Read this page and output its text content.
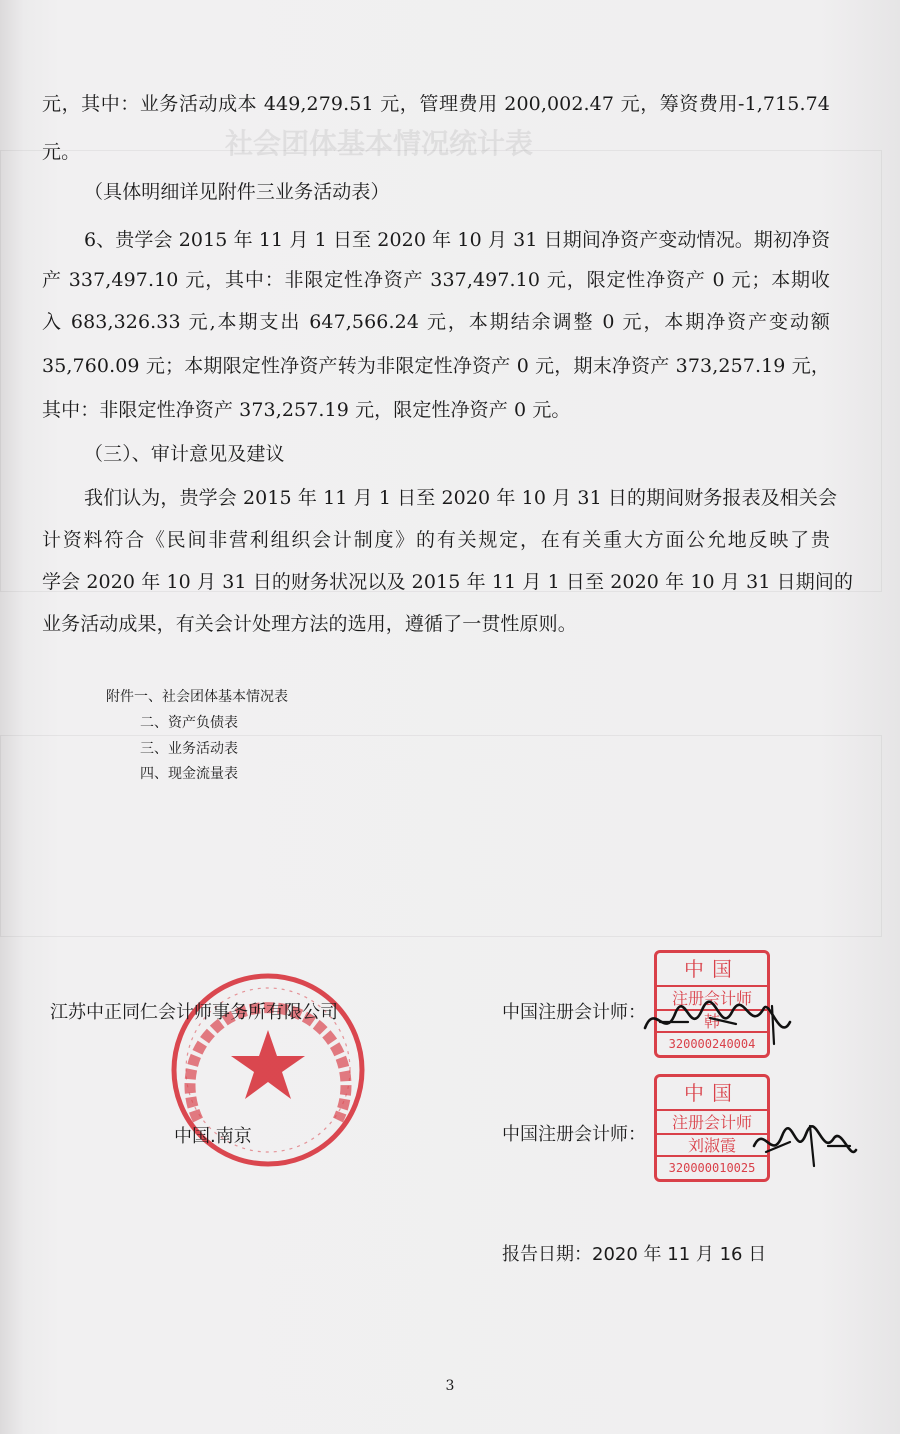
社会团体基本情况统计表
元，其中：业务活动成本 449,279.51 元，管理费用 200,002.47 元，筹资费用-1,715.74
元。
（具体明细详见附件三业务活动表）
6、贵学会 2015 年 11 月 1 日至 2020 年 10 月 31 日期间净资产变动情况。期初净资
产 337,497.10 元，其中：非限定性净资产 337,497.10 元，限定性净资产 0 元；本期收
入 683,326.33 元,本期支出 647,566.24 元，本期结余调整 0 元，本期净资产变动额
35,760.09 元；本期限定性净资产转为非限定性净资产 0 元，期末净资产 373,257.19 元，
其中：非限定性净资产 373,257.19 元，限定性净资产 0 元。
（三）、审计意见及建议
我们认为，贵学会 2015 年 11 月 1 日至 2020 年 10 月 31 日的期间财务报表及相关会
计资料符合《民间非营利组织会计制度》的有关规定，在有关重大方面公允地反映了贵
学会 2020 年 10 月 31 日的财务状况以及 2015 年 11 月 1 日至 2020 年 10 月 31 日期间的
业务活动成果，有关会计处理方法的选用，遵循了一贯性原则。
附件一、社会团体基本情况表
二、资产负债表
三、业务活动表
四、现金流量表
江苏中正同仁会计师事务所有限公司
中国.南京
中国注册会计师：
中国
注册会计师
韩
320000240004
中国注册会计师：
中国
注册会计师
刘淑霞
320000010025
报告日期：2020 年 11 月 16 日
3
